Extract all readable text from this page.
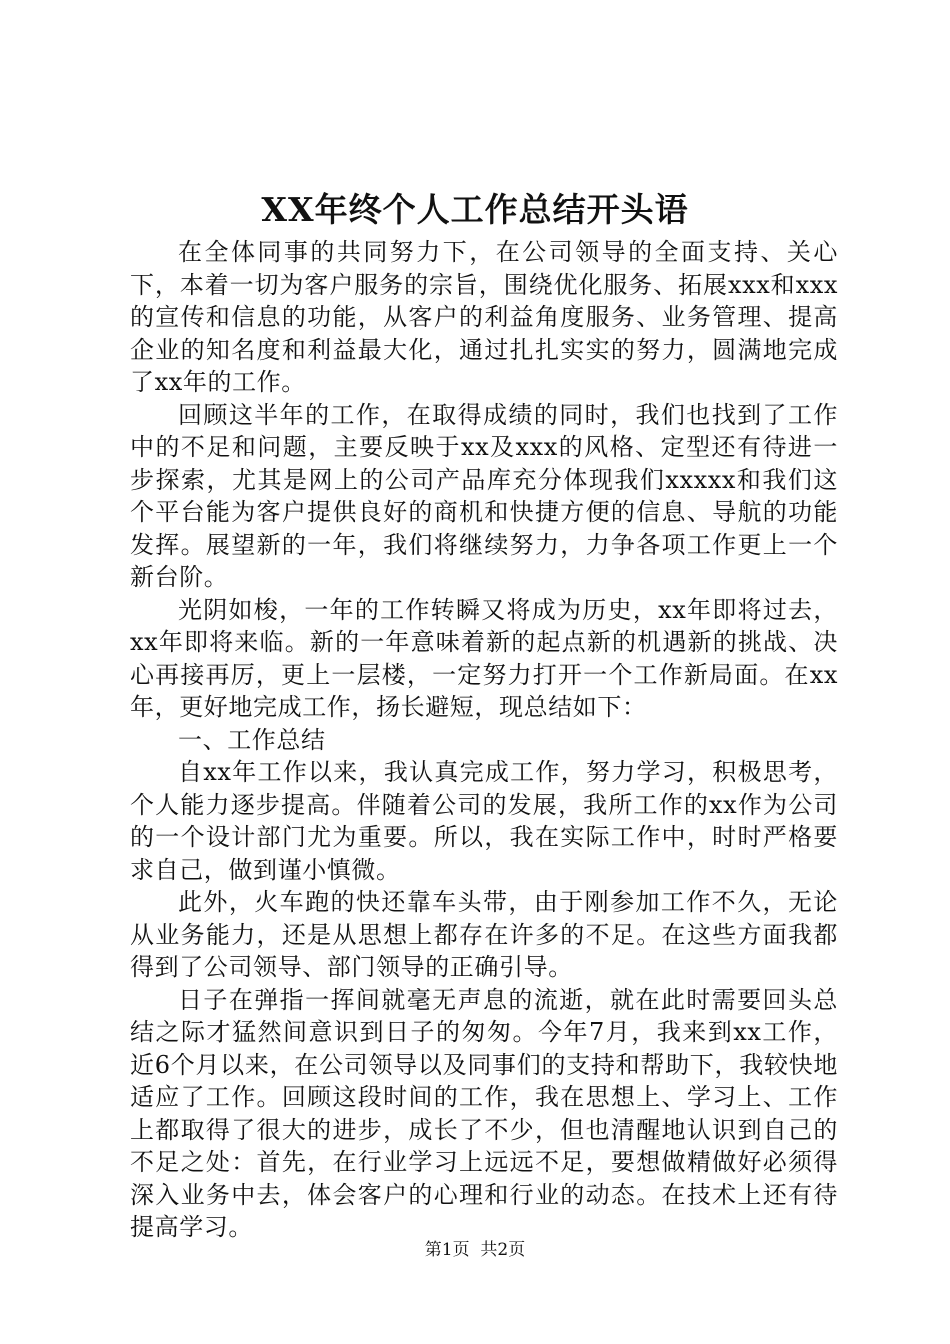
XX年终个人工作总结开头语

在全体同事的共同努力下，在公司领导的全面支持、关心下，本着一切为客户服务的宗旨，围绕优化服务、拓展xxx和xxx的宣传和信息的功能，从客户的利益角度服务、业务管理、提高企业的知名度和利益最大化，通过扎扎实实的努力，圆满地完成了xx年的工作。

回顾这半年的工作，在取得成绩的同时，我们也找到了工作中的不足和问题，主要反映于xx及xxx的风格、定型还有待进一步探索，尤其是网上的公司产品库充分体现我们xxxxx和我们这个平台能为客户提供良好的商机和快捷方便的信息、导航的功能发挥。展望新的一年，我们将继续努力，力争各项工作更上一个新台阶。

光阴如梭，一年的工作转瞬又将成为历史，xx年即将过去，xx年即将来临。新的一年意味着新的起点新的机遇新的挑战、决心再接再厉，更上一层楼，一定努力打开一个工作新局面。在xx年，更好地完成工作，扬长避短，现总结如下：

一、工作总结

自xx年工作以来，我认真完成工作，努力学习，积极思考，个人能力逐步提高。伴随着公司的发展，我所工作的xx作为公司的一个设计部门尤为重要。所以，我在实际工作中，时时严格要求自己，做到谨小慎微。

此外，火车跑的快还靠车头带，由于刚参加工作不久，无论从业务能力，还是从思想上都存在许多的不足。在这些方面我都得到了公司领导、部门领导的正确引导。

日子在弹指一挥间就毫无声息的流逝，就在此时需要回头总结之际才猛然间意识到日子的匆匆。今年7月，我来到xx工作，近6个月以来，在公司领导以及同事们的支持和帮助下，我较快地适应了工作。回顾这段时间的工作，我在思想上、学习上、工作上都取得了很大的进步，成长了不少，但也清醒地认识到自己的不足之处：首先，在行业学习上远远不足，要想做精做好必须得深入业务中去，体会客户的心理和行业的动态。在技术上还有待提高学习。

第1页 共2页
